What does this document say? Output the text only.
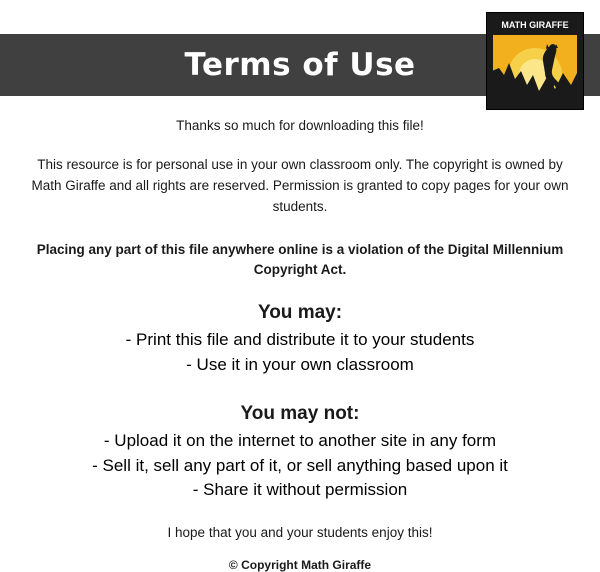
Terms of Use
MATH GIRAFFE
Thanks so much for downloading this file!
This resource is for personal use in your own classroom only. The copyright is owned by Math Giraffe and all rights are reserved. Permission is granted to copy pages for your own students.
Placing any part of this file anywhere online is a violation of the Digital Millennium Copyright Act.
You may:
- Print this file and distribute it to your students
- Use it in your own classroom
You may not:
- Upload it on the internet to another site in any form
- Sell it, sell any part of it, or sell anything based upon it
- Share it without permission
I hope that you and your students enjoy this!
© Copyright Math Giraffe
